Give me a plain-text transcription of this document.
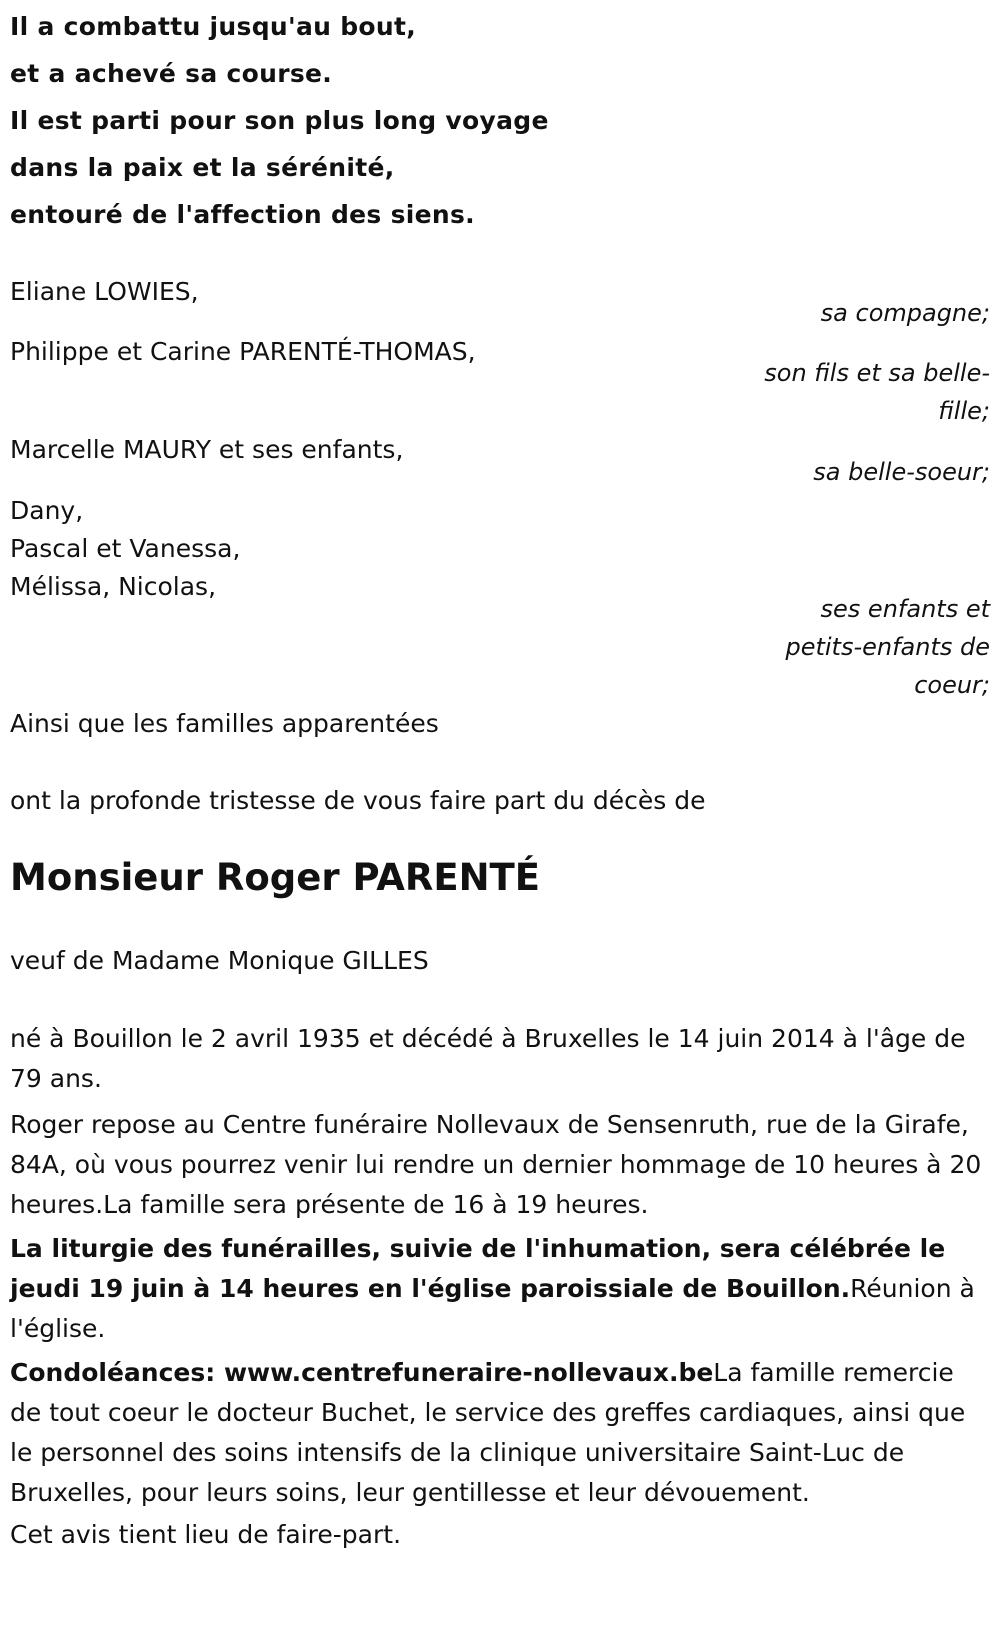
Il a combattu jusqu'au bout,
et a achevé sa course.
Il est parti pour son plus long voyage
dans la paix et la sérénité,
entouré de l'affection des siens.
Eliane LOWIES,
Philippe et Carine PARENTÉ-THOMAS,
Marcelle MAURY et ses enfants,
Dany,
Pascal et Vanessa,
Mélissa, Nicolas,
sa compagne;
son fils et sa belle-
fille;
sa belle-soeur;
ses enfants et
petits-enfants de
coeur;
Ainsi que les familles apparentées
ont la profonde tristesse de vous faire part du décès de
Monsieur Roger PARENTÉ
veuf de Madame Monique GILLES
né à Bouillon le 2 avril 1935 et décédé à Bruxelles le 14 juin 2014 à l'âge de 79 ans.
Roger repose au Centre funéraire Nollevaux de Sensenruth, rue de la Girafe, 84A, où vous pourrez venir lui rendre un dernier hommage de 10 heures à 20 heures.La famille sera présente de 16 à 19 heures.
La liturgie des funérailles, suivie de l'inhumation, sera célébrée le jeudi 19 juin à 14 heures en l'église paroissiale de Bouillon.Réunion à l'église.
Condoléances: www.centrefuneraire-nollevaux.beLa famille remercie de tout coeur le docteur Buchet, le service des greffes cardiaques, ainsi que le personnel des soins intensifs de la clinique universitaire Saint-Luc de Bruxelles, pour leurs soins, leur gentillesse et leur dévouement.
Cet avis tient lieu de faire-part.
